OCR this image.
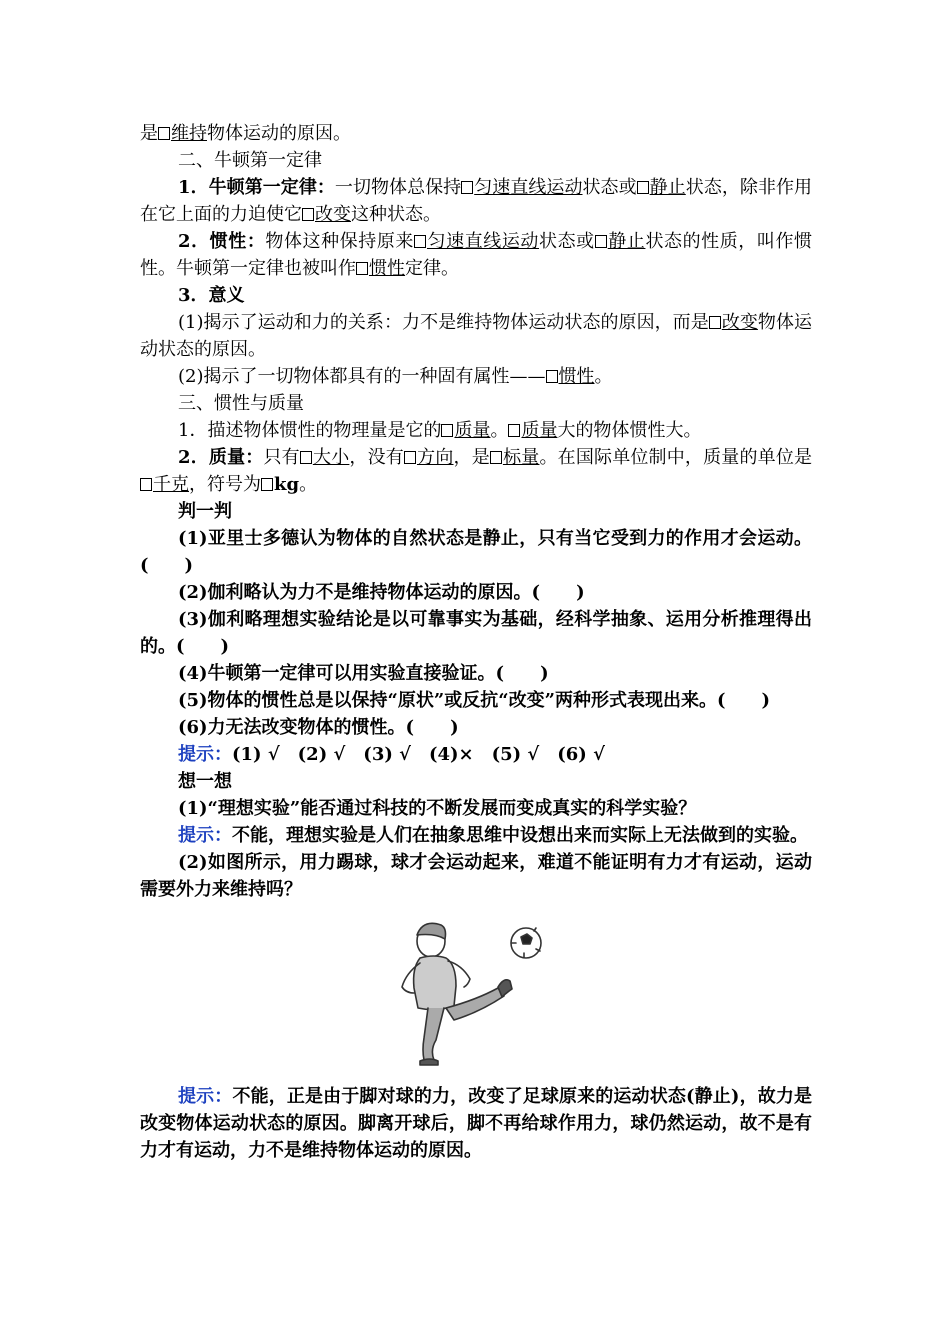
是 维持物体运动的原因。

二、牛顿第一定律

1．牛顿第一定律：一切物体总保持 匀速直线运动状态或 静止状态，除非作用在它上面的力迫使它 改变这种状态。

2．惯性：物体这种保持原来 匀速直线运动状态或 静止状态的性质，叫作惯性。牛顿第一定律也被叫作 惯性定律。

3．意义

(1)揭示了运动和力的关系：力不是维持物体运动状态的原因，而是 改变物体运动状态的原因。

(2)揭示了一切物体都具有的一种固有属性—— 惯性。

三、惯性与质量

1．描述物体惯性的物理量是它的 质量。 质量大的物体惯性大。

2．质量：只有 大小，没有 方向，是 标量。在国际单位制中，质量的单位是千克，符号为 kg。

判一判

(1)亚里士多德认为物体的自然状态是静止，只有当它受到力的作用才会运动。(　　)

(2)伽利略认为力不是维持物体运动的原因。(　　)

(3)伽利略理想实验结论是以可靠事实为基础，经科学抽象、运用分析推理得出的。(　　)

(4)牛顿第一定律可以用实验直接验证。(　　)

(5)物体的惯性总是以保持“原状”或反抗“改变”两种形式表现出来。(　　)

(6)力无法改变物体的惯性。(　　)

提示：(1) √　(2) √　(3) √　(4)×　(5) √　(6) √

想一想

(1)“理想实验”能否通过科技的不断发展而变成真实的科学实验？

提示：不能，理想实验是人们在抽象思维中设想出来而实际上无法做到的实验。

(2)如图所示，用力踢球，球才会运动起来，难道不能证明有力才有运动，运动需要外力来维持吗？

提示：不能，正是由于脚对球的力，改变了足球原来的运动状态(静止)，故力是改变物体运动状态的原因。脚离开球后，脚不再给球作用力，球仍然运动，故不是有力才有运动，力不是维持物体运动的原因。
